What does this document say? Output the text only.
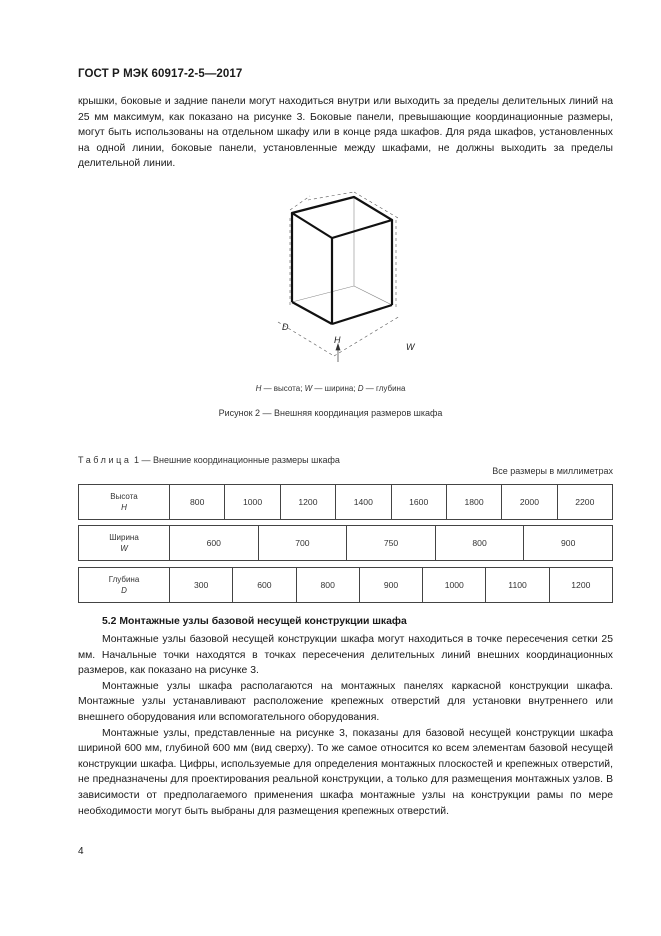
ГОСТ Р МЭК 60917-2-5—2017
крышки, боковые и задние панели могут находиться внутри или выходить за пределы делительных линий на 25 мм максимум, как показано на рисунке 3. Боковые панели, превышающие координационные размеры, могут быть использованы на отдельном шкафу или в конце ряда шкафов. Для ряда шкафов, установленных на одной линии, боковые панели, установленные между шкафами, не должны выходить за пределы делительной линии.
D
H
W
H — высота; W — ширина; D — глубина
Рисунок 2 — Внешняя координация размеров шкафа
Таблица 1 — Внешние координационные размеры шкафа
Все размеры в миллиметрах
Высота
H	800	1000	1200	1400	1600	1800	2000	2200
Ширина
W	600	700	750	800	900
Глубина
D	300	600	800	900	1000	1100	1200
5.2 Монтажные узлы базовой несущей конструкции шкафа

Монтажные узлы базовой несущей конструкции шкафа могут находиться в точке пересечения сетки 25 мм. Начальные точки находятся в точках пересечения делительных линий внешних координационных размеров, как показано на рисунке 3.

Монтажные узлы шкафа располагаются на монтажных панелях каркасной конструкции шкафа. Монтажные узлы устанавливают расположение крепежных отверстий для установки внутреннего или внешнего оборудования или вспомогательного оборудования.

Монтажные узлы, представленные на рисунке 3, показаны для базовой несущей конструкции шкафа шириной 600 мм, глубиной 600 мм (вид сверху). То же самое относится ко всем элементам базовой несущей конструкции шкафа. Цифры, используемые для определения монтажных плоскостей и крепежных отверстий, не предназначены для проектирования реальной конструкции, а только для размещения монтажных узлов. В зависимости от предполагаемого применения шкафа монтажные узлы на конструкции рамы по мере необходимости могут быть выбраны для размещения крепежных отверстий.

4
